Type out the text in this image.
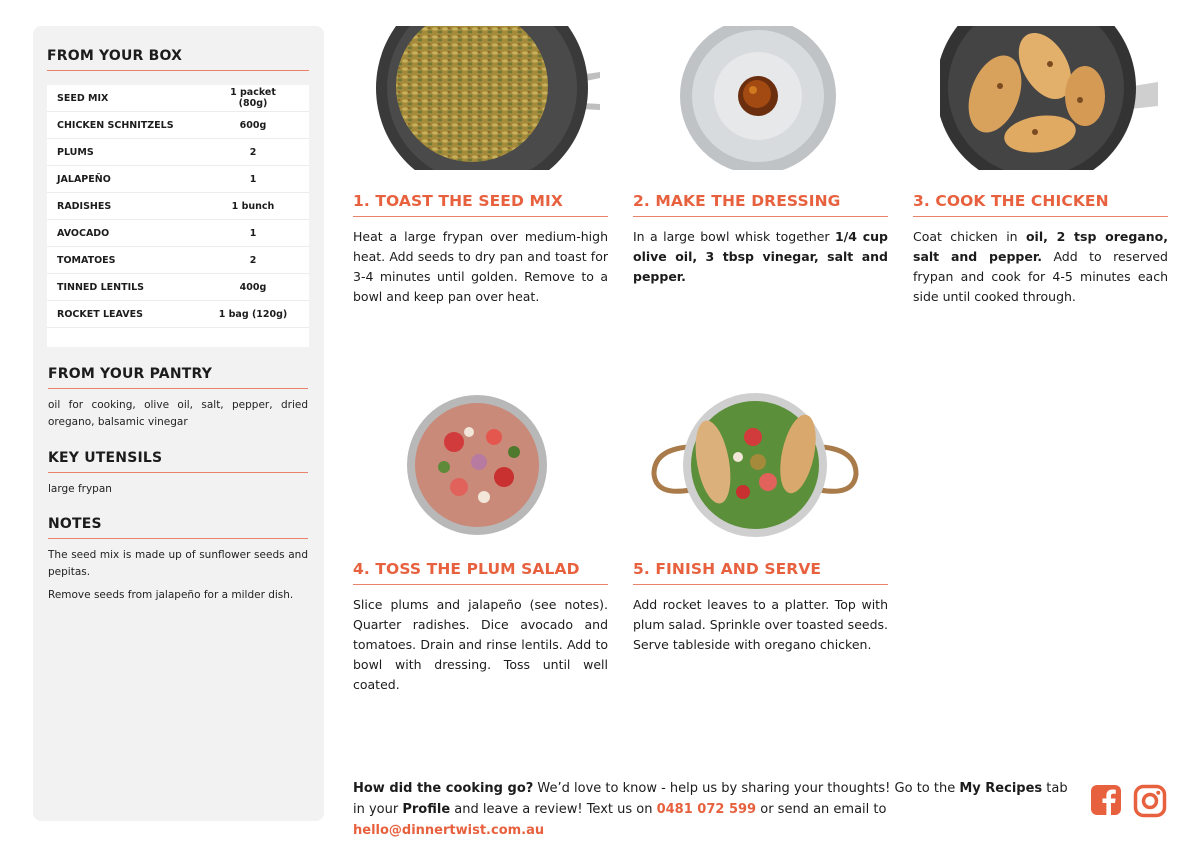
FROM YOUR BOX
SEED MIX	1 packet (80g)
CHICKEN SCHNITZELS	600g
PLUMS	2
JALAPEÑO	1
RADISHES	1 bunch
AVOCADO	1
TOMATOES	2
TINNED LENTILS	400g
ROCKET LEAVES	1 bag (120g)
FROM YOUR PANTRY
oil for cooking, olive oil, salt, pepper, dried oregano, balsamic vinegar
KEY UTENSILS
large frypan
NOTES

The seed mix is made up of sunflower seeds and pepitas.

Remove seeds from jalapeño for a milder dish.

1. TOAST THE SEED MIX
Heat a large frypan over medium-high heat. Add seeds to dry pan and toast for 3-4 minutes until golden. Remove to a bowl and keep pan over heat.
2. MAKE THE DRESSING
In a large bowl whisk together 1/4 cup olive oil, 3 tbsp vinegar, salt and pepper.
3. COOK THE CHICKEN
Coat chicken in oil, 2 tsp oregano, salt and pepper. Add to reserved frypan and cook for 4-5 minutes each side until cooked through.
4. TOSS THE PLUM SALAD
Slice plums and jalapeño (see notes). Quarter radishes. Dice avocado and tomatoes. Drain and rinse lentils. Add to bowl with dressing. Toss until well coated.
5. FINISH AND SERVE
Add rocket leaves to a platter. Top with plum salad. Sprinkle over toasted seeds. Serve tableside with oregano chicken.
How did the cooking go? We’d love to know - help us by sharing your thoughts! Go to the My Recipes tab in your Profile and leave a review! Text us on 0481 072 599 or send an email to hello@dinnertwist.com.au
